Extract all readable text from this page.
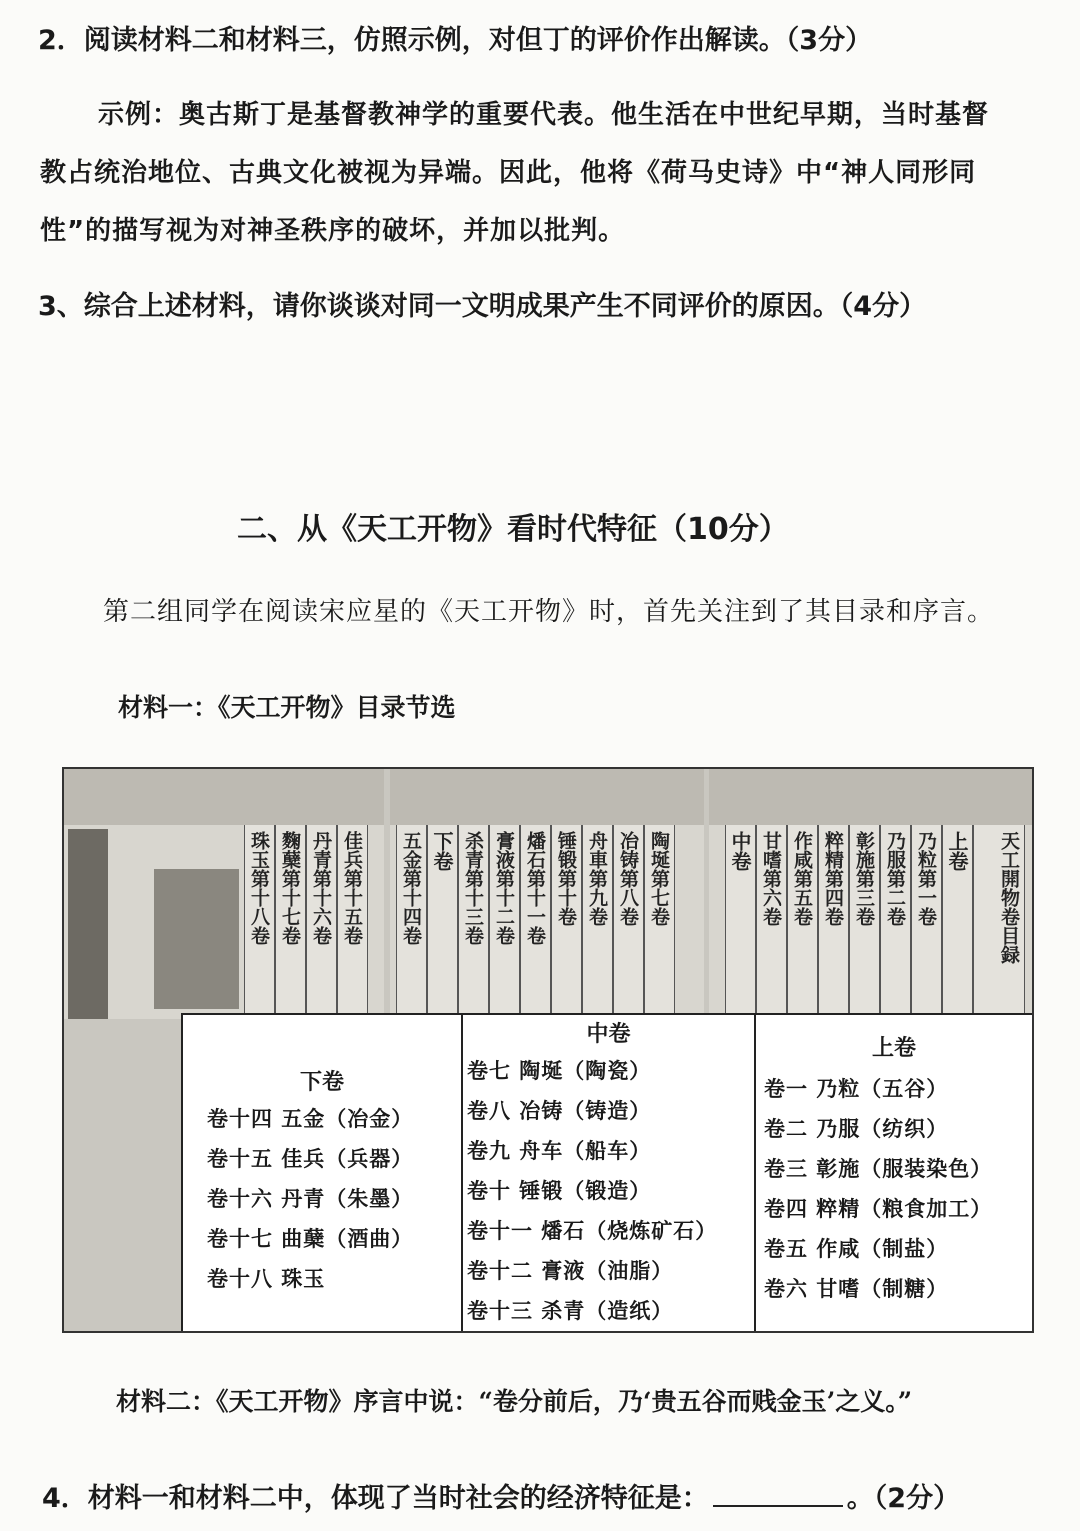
2．阅读材料二和材料三，仿照示例，对但丁的评价作出解读。（3分）
示例：奥古斯丁是基督教神学的重要代表。他生活在中世纪早期，当时基督
教占统治地位、古典文化被视为异端。因此，他将《荷马史诗》中“神人同形同
性”的描写视为对神圣秩序的破坏，并加以批判。
3、综合上述材料，请你谈谈对同一文明成果产生不同评价的原因。（4分）
二、从《天工开物》看时代特征（10分）
第二组同学在阅读宋应星的《天工开物》时，首先关注到了其目录和序言。
材料一：《天工开物》目录节选
珠玉第十八卷 麴蘖第十七卷 丹青第十六卷 佳兵第十五卷 五金第十四卷 下卷 杀青第十三卷 膏液第十二卷 燔石第十一卷 锤锻第十卷 舟車第九卷 冶铸第八卷 陶埏第七卷	中卷 甘嗜第六卷 作咸第五卷 粹精第四卷 彰施第三卷 乃服第二卷 乃粒第一卷 上卷	天工開物卷目録
下卷
卷十四 五金（冶金）
卷十五 佳兵（兵器）
卷十六 丹青（朱墨）
卷十七 曲蘖（酒曲）
卷十八 珠玉
中卷
卷七 陶埏（陶瓷）
卷八 冶铸（铸造）
卷九 舟车（船车）
卷十 锤锻（锻造）
卷十一 燔石（烧炼矿石）
卷十二 膏液（油脂）
卷十三 杀青（造纸）
上卷
卷一 乃粒（五谷）
卷二 乃服（纺织）
卷三 彰施（服装染色）
卷四 粹精（粮食加工）
卷五 作咸（制盐）
卷六 甘嗜（制糖）
材料二：《天工开物》序言中说：“卷分前后，乃‘贵五谷而贱金玉’之义。”
4．材料一和材料二中，体现了当时社会的经济特征是：	。（2分）
